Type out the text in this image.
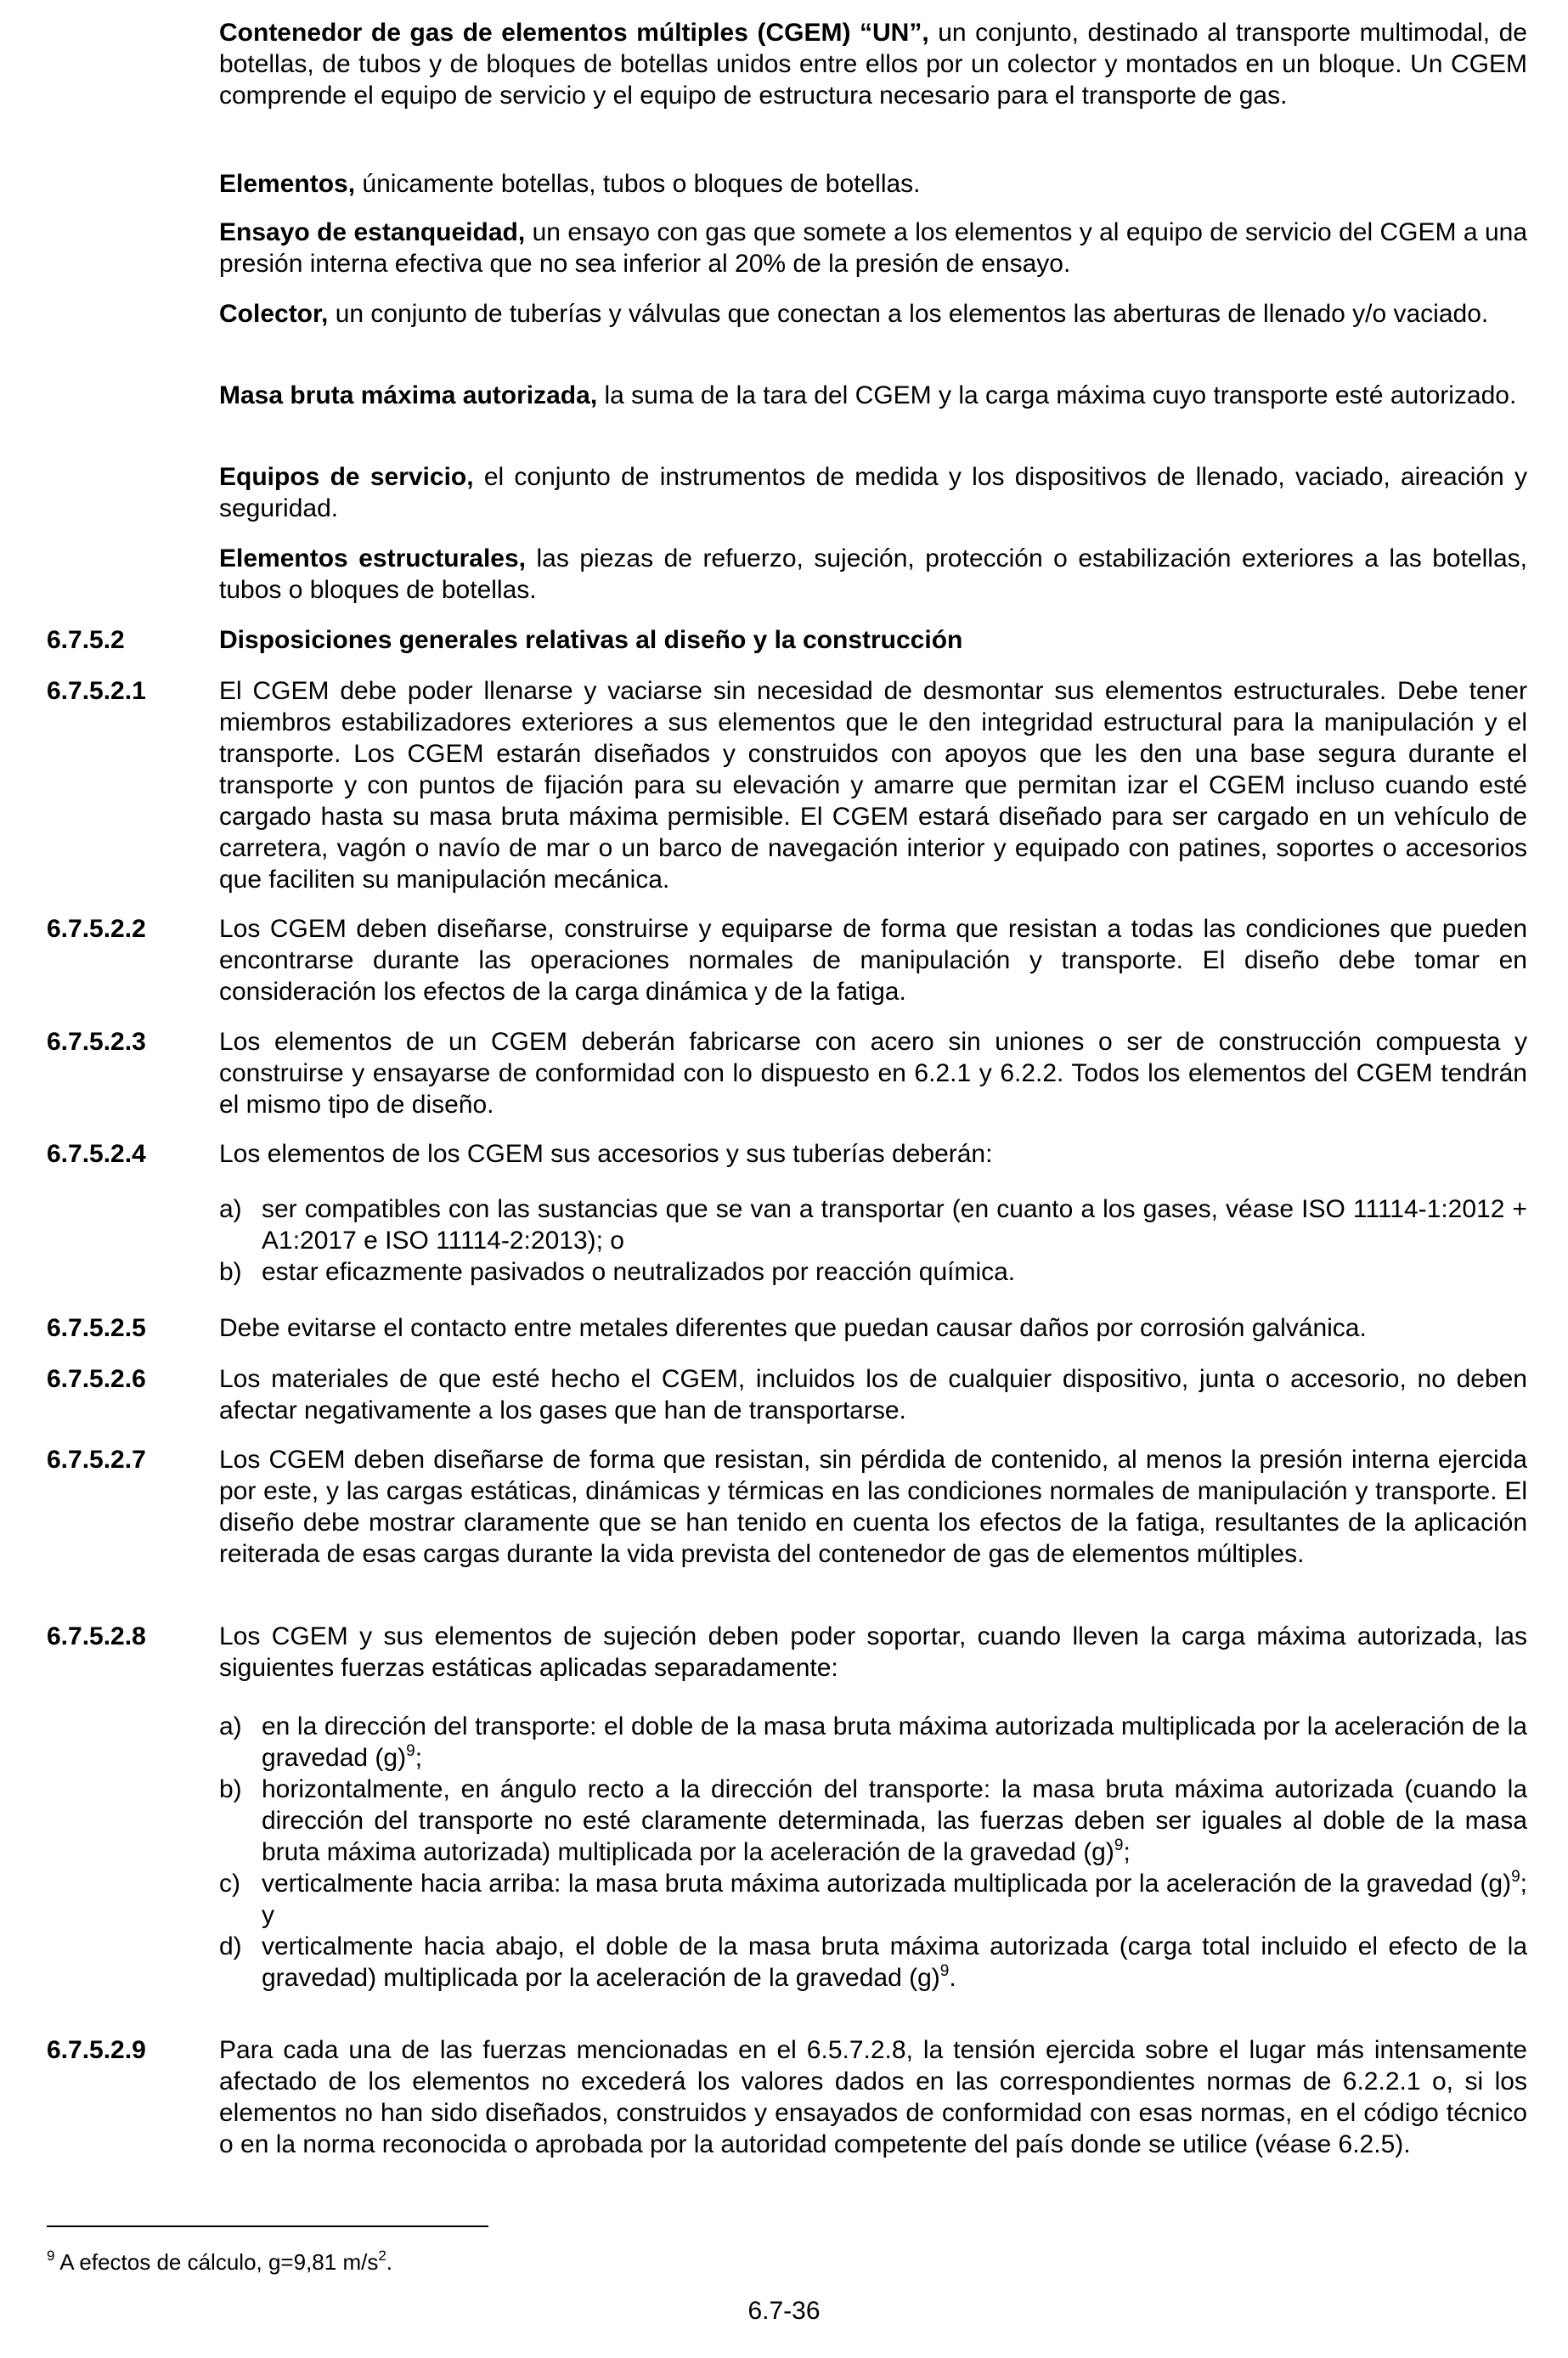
Contenedor de gas de elementos múltiples (CGEM) “UN”, un conjunto, destinado al transporte multimodal, de botellas, de tubos y de bloques de botellas unidos entre ellos por un colector y montados en un bloque. Un CGEM comprende el equipo de servicio y el equipo de estructura necesario para el transporte de gas.

Elementos, únicamente botellas, tubos o bloques de botellas.

Ensayo de estanqueidad, un ensayo con gas que somete a los elementos y al equipo de servicio del CGEM a una presión interna efectiva que no sea inferior al 20% de la presión de ensayo.

Colector, un conjunto de tuberías y válvulas que conectan a los elementos las aberturas de llenado y/o vaciado.

Masa bruta máxima autorizada, la suma de la tara del CGEM y la carga máxima cuyo transporte esté autorizado.

Equipos de servicio, el conjunto de instrumentos de medida y los dispositivos de llenado, vaciado, aireación y seguridad.

Elementos estructurales, las piezas de refuerzo, sujeción, protección o estabilización exteriores a las botellas, tubos o bloques de botellas.

6.7.5.2	Disposiciones generales relativas al diseño y la construcción

6.7.5.2.1	El CGEM debe poder llenarse y vaciarse sin necesidad de desmontar sus elementos estructurales. Debe tener miembros estabilizadores exteriores a sus elementos que le den integridad estructural para la manipulación y el transporte. Los CGEM estarán diseñados y construidos con apoyos que les den una base segura durante el transporte y con puntos de fijación para su elevación y amarre que permitan izar el CGEM incluso cuando esté cargado hasta su masa bruta máxima permisible. El CGEM estará diseñado para ser cargado en un vehículo de carretera, vagón o navío de mar o un barco de navegación interior y equipado con patines, soportes o accesorios que faciliten su manipulación mecánica.

6.7.5.2.2	Los CGEM deben diseñarse, construirse y equiparse de forma que resistan a todas las condiciones que pueden encontrarse durante las operaciones normales de manipulación y transporte. El diseño debe tomar en consideración los efectos de la carga dinámica y de la fatiga.

6.7.5.2.3	Los elementos de un CGEM deberán fabricarse con acero sin uniones o ser de construcción compuesta y construirse y ensayarse de conformidad con lo dispuesto en 6.2.1 y 6.2.2. Todos los elementos del CGEM tendrán el mismo tipo de diseño.

6.7.5.2.4	Los elementos de los CGEM sus accesorios y sus tuberías deberán:

a) ser compatibles con las sustancias que se van a transportar (en cuanto a los gases, véase ISO 11114-1:2012 + A1:2017 e ISO 11114-2:2013); o
b) estar eficazmente pasivados o neutralizados por reacción química.

6.7.5.2.5	Debe evitarse el contacto entre metales diferentes que puedan causar daños por corrosión galvánica.

6.7.5.2.6	Los materiales de que esté hecho el CGEM, incluidos los de cualquier dispositivo, junta o accesorio, no deben afectar negativamente a los gases que han de transportarse.

6.7.5.2.7	Los CGEM deben diseñarse de forma que resistan, sin pérdida de contenido, al menos la presión interna ejercida por este, y las cargas estáticas, dinámicas y térmicas en las condiciones normales de manipulación y transporte. El diseño debe mostrar claramente que se han tenido en cuenta los efectos de la fatiga, resultantes de la aplicación reiterada de esas cargas durante la vida prevista del contenedor de gas de elementos múltiples.

6.7.5.2.8	Los CGEM y sus elementos de sujeción deben poder soportar, cuando lleven la carga máxima autorizada, las siguientes fuerzas estáticas aplicadas separadamente:

a) en la dirección del transporte: el doble de la masa bruta máxima autorizada multiplicada por la aceleración de la gravedad $(g)^9$;
b) horizontalmente, en ángulo recto a la dirección del transporte: la masa bruta máxima autorizada (cuando la dirección del transporte no esté claramente determinada, las fuerzas deben ser iguales al doble de la masa bruta máxima autorizada) multiplicada por la aceleración de la gravedad $(g)^9$;
c) verticalmente hacia arriba: la masa bruta máxima autorizada multiplicada por la aceleración de la gravedad $(g)^9$; y
d) verticalmente hacia abajo, el doble de la masa bruta máxima autorizada (carga total incluido el efecto de la gravedad) multiplicada por la aceleración de la gravedad $(g)^9$.

6.7.5.2.9	Para cada una de las fuerzas mencionadas en el 6.5.7.2.8, la tensión ejercida sobre el lugar más intensamente afectado de los elementos no excederá los valores dados en las correspondientes normas de 6.2.2.1 o, si los elementos no han sido diseñados, construidos y ensayados de conformidad con esas normas, en el código técnico o en la norma reconocida o aprobada por la autoridad competente del país donde se utilice (véase 6.2.5).

$^9$ A efectos de cálculo, g=9,81 $m/s^2$.

6.7-36
